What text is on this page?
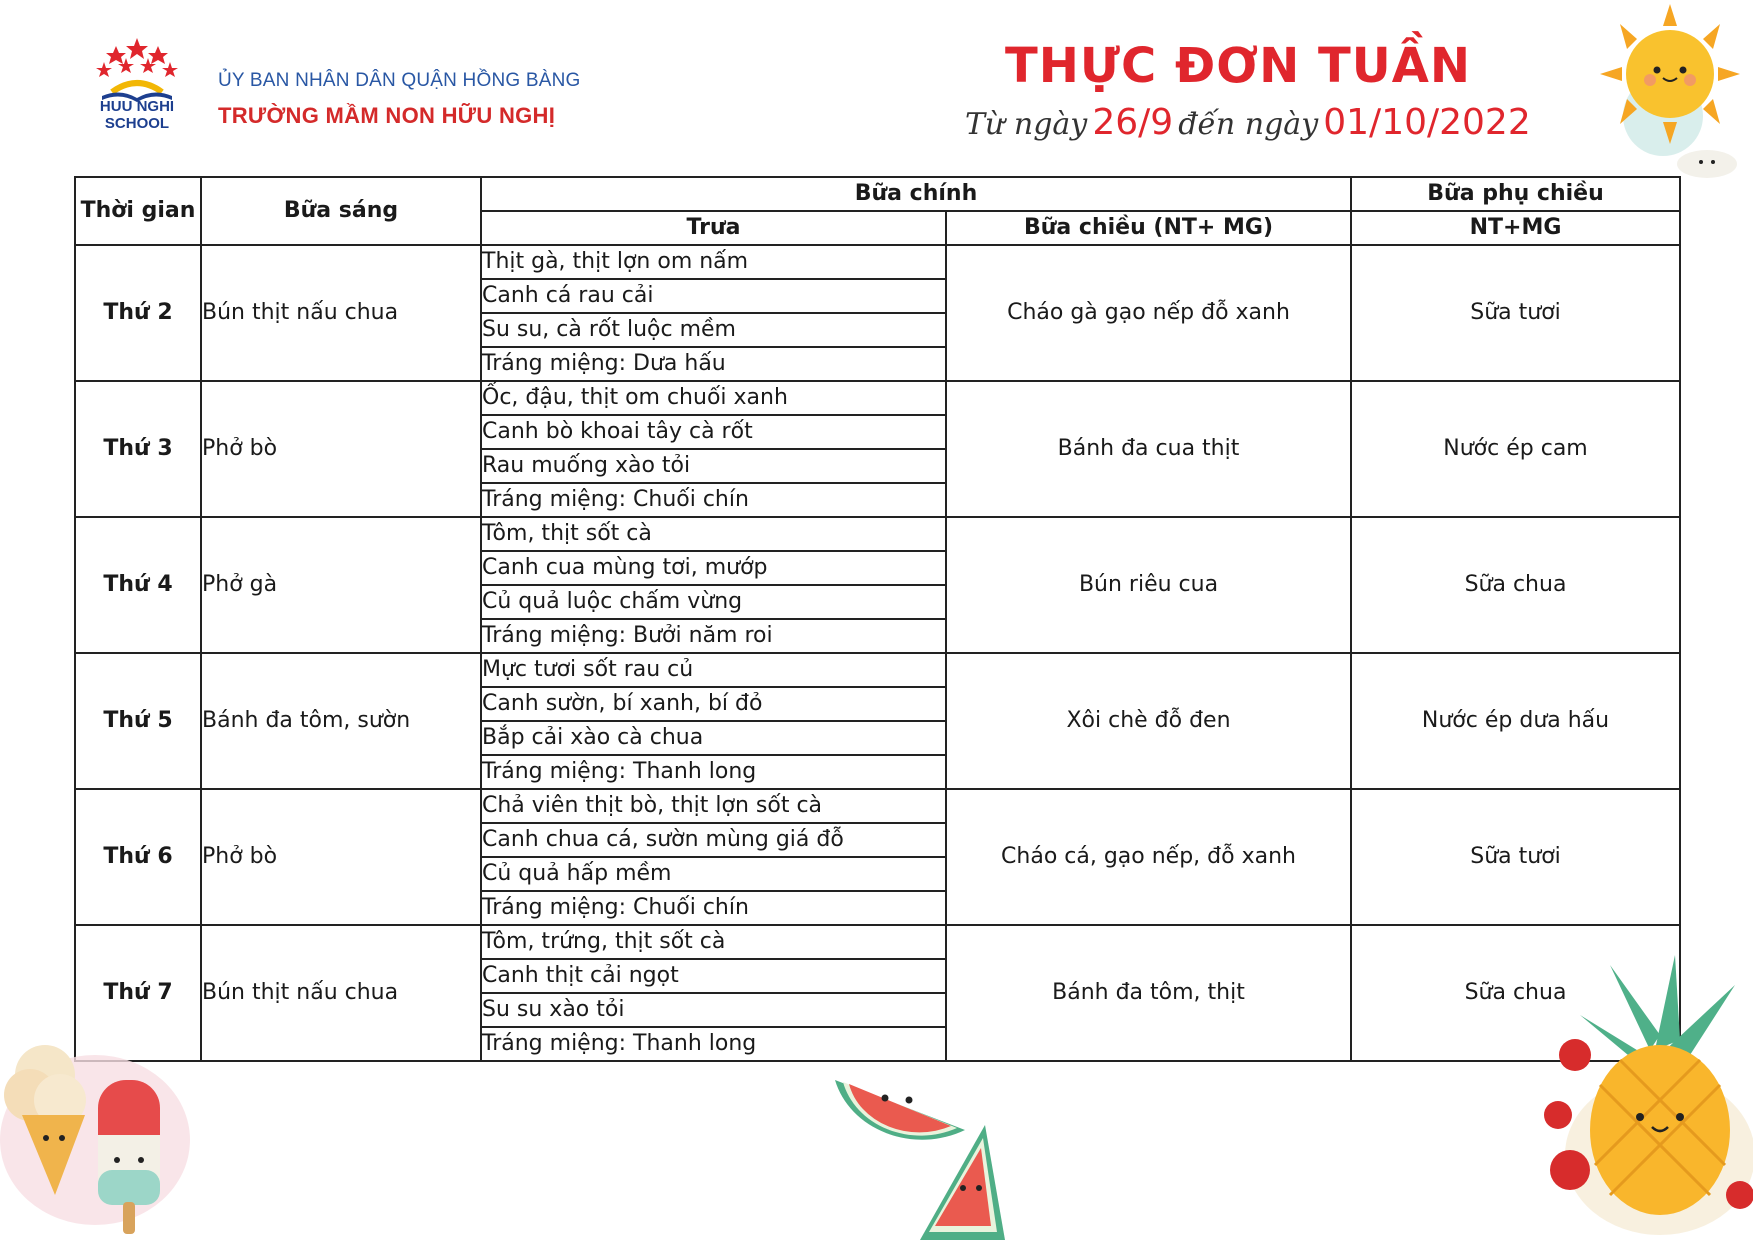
HUU NGHI
SCHOOL
ỦY BAN NHÂN DÂN QUẬN HỒNG BÀNG
TRƯỜNG MẦM NON HỮU NGHỊ
THỰC ĐƠN TUẦN
Từ ngày 26/9 đến ngày 01/10/2022
Thời gian	Bữa sáng	Bữa chính		Bữa phụ chiều
		Trưa	Bữa chiều (NT+ MG)	NT+MG
Thứ 2	Bún thịt nấu chua	Thịt gà, thịt lợn om nấm	Cháo gà gạo nếp đỗ xanh	Sữa tươi
		Canh cá rau cải		
		Su su, cà rốt luộc mềm		
		Tráng miệng: Dưa hấu		
Thứ 3	Phở bò	Ốc, đậu, thịt om chuối xanh	Bánh đa cua thịt	Nước ép cam
		Canh bò khoai tây cà rốt		
		Rau muống xào tỏi		
		Tráng miệng: Chuối chín		
Thứ 4	Phở gà	Tôm, thịt sốt cà	Bún riêu cua	Sữa chua
		Canh cua mùng tơi, mướp		
		Củ quả luộc chấm vừng		
		Tráng miệng: Bưởi năm roi		
Thứ 5	Bánh đa tôm, sườn	Mực tươi sốt rau củ	Xôi chè đỗ đen	Nước ép dưa hấu
		Canh sườn, bí xanh, bí đỏ		
		Bắp cải xào cà chua		
		Tráng miệng: Thanh long		
Thứ 6	Phở bò	Chả viên thịt bò, thịt lợn sốt cà	Cháo cá, gạo nếp, đỗ xanh	Sữa tươi
		Canh chua cá, sườn mùng giá đỗ		
		Củ quả hấp mềm		
		Tráng miệng: Chuối chín		
Thứ 7	Bún thịt nấu chua	Tôm, trứng, thịt sốt cà	Bánh đa tôm, thịt	Sữa chua
		Canh thịt cải ngọt		
		Su su xào tỏi		
		Tráng miệng: Thanh long		
